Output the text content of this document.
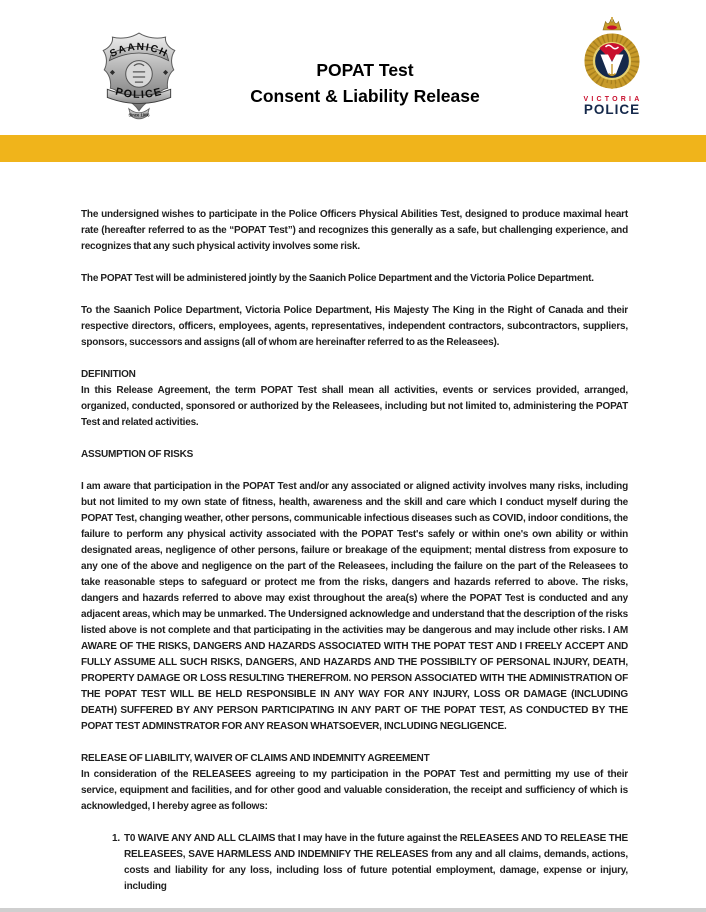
SAANICH
POLICE
Since 1906
POPAT Test
Consent & Liability Release	VICTORIA
POLICE

The undersigned wishes to participate in the Police Officers Physical Abilities Test, designed to produce maximal heart rate (hereafter referred to as the “POPAT Test”) and recognizes this generally as a safe, but challenging experience, and recognizes that any such physical activity involves some risk.

The POPAT Test will be administered jointly by the Saanich Police Department and the Victoria Police Department.

To the Saanich Police Department, Victoria Police Department, His Majesty The King in the Right of Canada and their respective directors, officers, employees, agents, representatives, independent contractors, subcontractors, suppliers, sponsors, successors and assigns (all of whom are hereinafter referred to as the Releasees).

DEFINITION

In this Release Agreement, the term POPAT Test shall mean all activities, events or services provided, arranged, organized, conducted, sponsored or authorized by the Releasees, including but not limited to, administering the POPAT Test and related activities.

ASSUMPTION OF RISKS

I am aware that participation in the POPAT Test and/or any associated or aligned activity involves many risks, including but not limited to my own state of fitness, health, awareness and the skill and care which I conduct myself during the POPAT Test, changing weather, other persons, communicable infectious diseases such as COVID, indoor conditions, the failure to perform any physical activity associated with the POPAT Test's safely or within one's own ability or within designated areas, negligence of other persons, failure or breakage of the equipment; mental distress from exposure to any one of the above and negligence on the part of the Releasees, including the failure on the part of the Releasees to take reasonable steps to safeguard or protect me from the risks, dangers and hazards referred to above. The risks, dangers and hazards referred to above may exist throughout the area(s) where the POPAT Test is conducted and any adjacent areas, which may be unmarked. The Undersigned acknowledge and understand that the description of the risks listed above is not complete and that participating in the activities may be dangerous and may include other risks. I AM AWARE OF THE RISKS, DANGERS AND HAZARDS ASSOCIATED WITH THE POPAT TEST AND I FREELY ACCEPT AND FULLY ASSUME ALL SUCH RISKS, DANGERS, AND HAZARDS AND THE POSSIBILTY OF PERSONAL INJURY, DEATH, PROPERTY DAMAGE OR LOSS RESULTING THEREFROM. NO PERSON ASSOCIATED WITH THE ADMINISTRATION OF THE POPAT TEST WILL BE HELD RESPONSIBLE IN ANY WAY FOR ANY INJURY, LOSS OR DAMAGE (INCLUDING DEATH) SUFFERED BY ANY PERSON PARTICIPATING IN ANY PART OF THE POPAT TEST, AS CONDUCTED BY THE POPAT TEST ADMINSTRATOR FOR ANY REASON WHATSOEVER, INCLUDING NEGLIGENCE.

RELEASE OF LIABILITY, WAIVER OF CLAIMS AND INDEMNITY AGREEMENT

In consideration of the RELEASEES agreeing to my participation in the POPAT Test and permitting my use of their service, equipment and facilities, and for other good and valuable consideration, the receipt and sufficiency of which is acknowledged, I hereby agree as follows:

1. T0 WAIVE ANY AND ALL CLAIMS that I may have in the future against the RELEASEES AND TO RELEASE THE RELEASEES, SAVE HARMLESS AND INDEMNIFY THE RELEASES from any and all claims, demands, actions, costs and liability for any loss, including loss of future potential employment, damage, expense or injury, including
